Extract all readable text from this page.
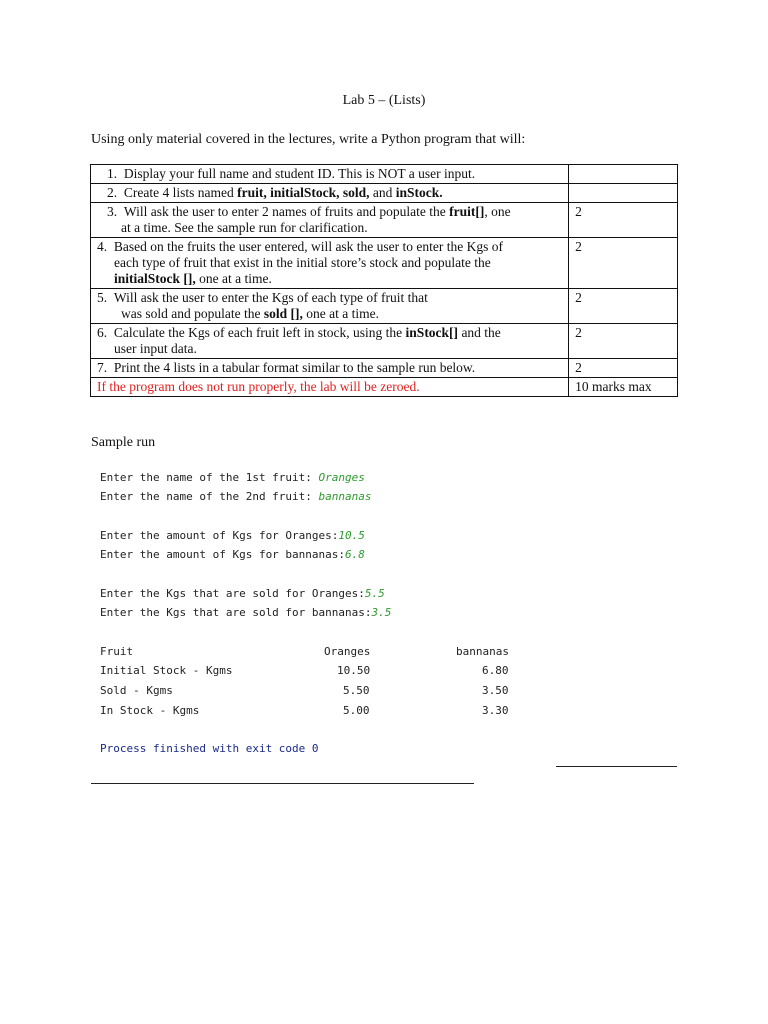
Lab 5 – (Lists)
Using only material covered in the lectures, write a Python program that will:
1. Display your full name and student ID. This is NOT a user input.	
2. Create 4 lists named fruit, initialStock, sold, and inStock.	
3. Will ask the user to enter 2 names of fruits and populate the fruit[], one
at a time. See the sample run for clarification.	2
4. Based on the fruits the user entered, will ask the user to enter the Kgs of
each type of fruit that exist in the initial store’s stock and populate the
initialStock [], one at a time.	2
5. Will ask the user to enter the Kgs of each type of fruit that
was sold and populate the sold [], one at a time.	2
6. Calculate the Kgs of each fruit left in stock, using the inStock[] and the
user input data.	2
7. Print the 4 lists in a tabular format similar to the sample run below.	2
If the program does not run properly, the lab will be zeroed.	10 marks max
Sample run
Enter the name of the 1st fruit: Oranges
Enter the name of the 2nd fruit: bannanas
Enter the amount of Kgs for Oranges:10.5
Enter the amount of Kgs for bannanas:6.8
Enter the Kgs that are sold for Oranges:5.5
Enter the Kgs that are sold for bannanas:3.5
Fruit	Oranges	bannanas
Initial Stock - Kgms	10.50	6.80
Sold - Kgms	5.50	3.50
In Stock - Kgms	5.00	3.30
Process finished with exit code 0
